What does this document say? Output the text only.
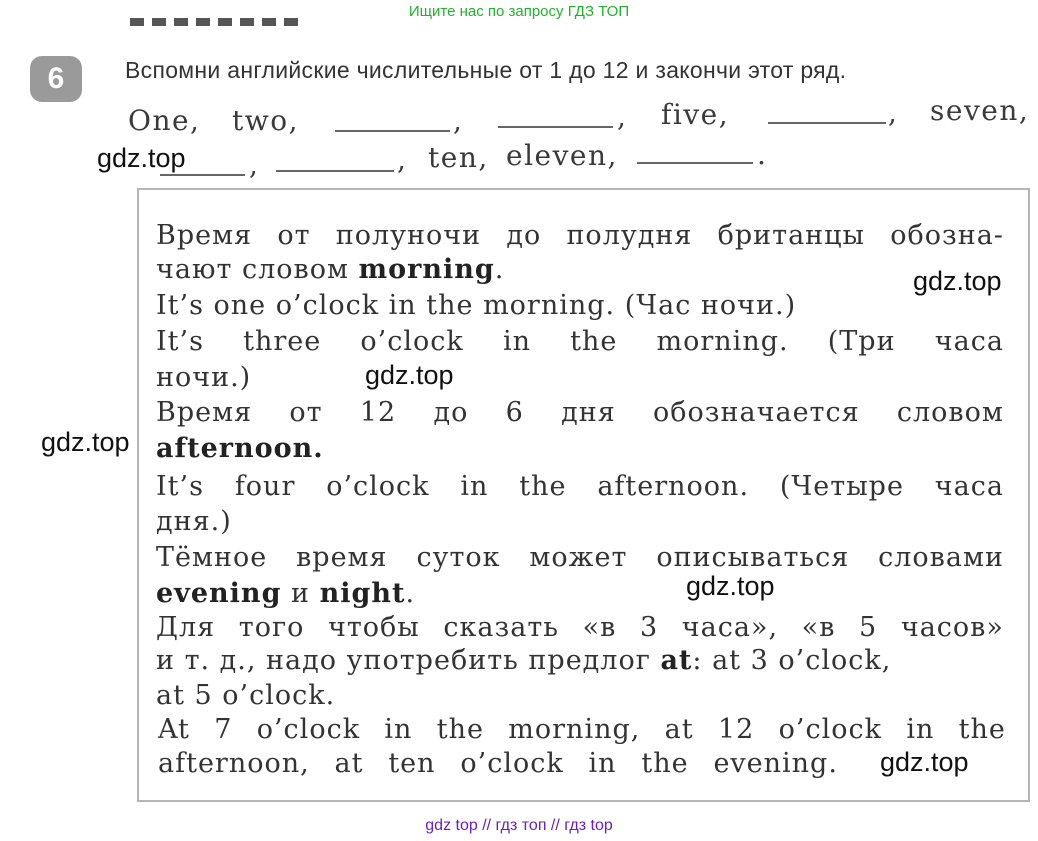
Ищите нас по запросу ГДЗ ТОП
6	Вспомни английские числительные от 1 до 12 и закончи этот ряд.
One, two,	,	, five,	, seven,
,	, ten, eleven,	.
Время от полуночи до полудня британцы обозна-
чают словом morning.
It’s one o’clock in the morning. (Час ночи.)
It’s three o’clock in the morning. (Три часа
ночи.)
Время от 12 до 6 дня обозначается словом
afternoon.
It’s four o’clock in the afternoon. (Четыре часа
дня.)
Тёмное время суток может описываться словами
evening и night.
Для того чтобы сказать «в 3 часа», «в 5 часов»
и т. д., надо употребить предлог at: at 3 o’clock,
at 5 o’clock.
At 7 o’clock in the morning, at 12 o’clock in the
afternoon, at ten o’clock in the evening.
gdz.top
gdz.top
gdz.top
gdz.top
gdz.top
gdz.top
gdz top // гдз топ // гдз top
